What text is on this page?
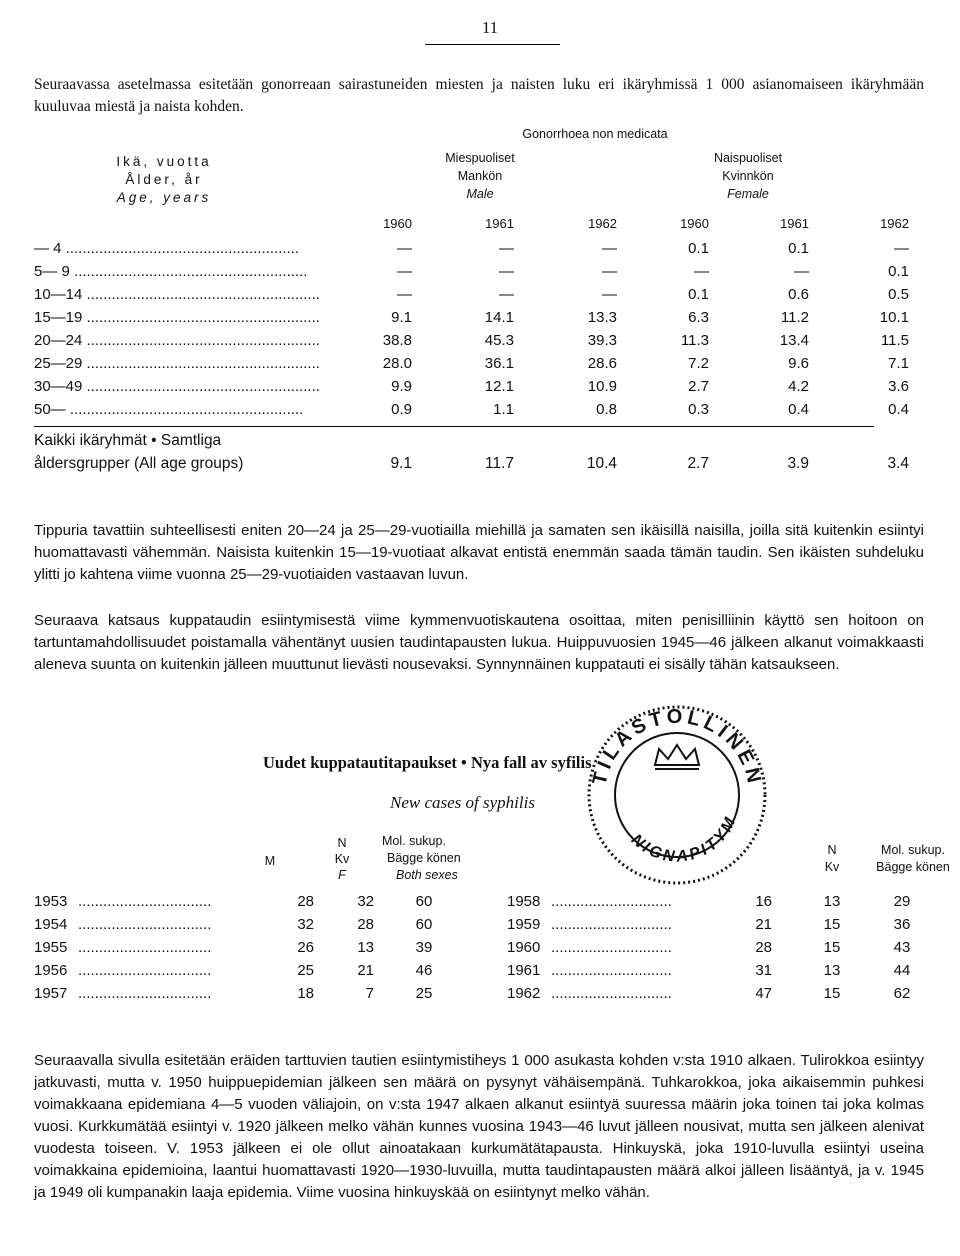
11
Seuraavassa asetelmassa esitetään gonorreaan sairastuneiden miesten ja naisten luku eri ikäryhmissä 1 000 asianomaiseen ikäryhmään kuuluvaa miestä ja naista kohden.
Gonorrhoea non medicata
Ikä, vuotta
Ålder, år
Age, years
Miespuoliset
Mankön
Male
Naispuoliset
Kvinnkön
Female
1960	1961	1962	1960	1961	1962
— 4 ........................................................	—	—	—	0.1	0.1	—
5— 9 ........................................................	—	—	—	—	—	0.1
10—14 ........................................................	—	—	—	0.1	0.6	0.5
15—19 ........................................................	9.1	14.1	13.3	6.3	11.2	10.1
20—24 ........................................................	38.8	45.3	39.3	11.3	13.4	11.5
25—29 ........................................................	28.0	36.1	28.6	7.2	9.6	7.1
30—49 ........................................................	9.9	12.1	10.9	2.7	4.2	3.6
50— ........................................................	0.9	1.1	0.8	0.3	0.4	0.4
Kaikki ikäryhmät • Samtliga
åldersgrupper (All age groups)	9.1	11.7	10.4	2.7	3.9	3.4
Tippuria tavattiin suhteellisesti eniten 20—24 ja 25—29-vuotiailla miehillä ja samaten sen ikäisillä naisilla, joilla sitä kuitenkin esiintyi huomattavasti vähemmän. Naisista kuitenkin 15—19-vuotiaat alkavat entistä enemmän saada tämän taudin. Sen ikäisten suhdeluku ylitti jo kahtena viime vuonna 25—29-vuotiaiden vastaavan luvun.
Seuraava katsaus kuppataudin esiintymisestä viime kymmenvuotiskautena osoittaa, miten penisilliinin käyttö sen hoitoon on tartuntamahdollisuudet poistamalla vähentänyt uusien taudintapausten lukua. Huippuvuosien 1945—46 jälkeen alkanut voimakkaasti aleneva suunta on kuitenkin jälleen muuttunut lievästi nousevaksi. Synnynnäinen kuppatauti ei sisälly tähän katsaukseen.
Uudet kuppatautitapaukset • Nya fall av syfilis
New cases of syphilis
M
N
Kv
F
Mol. sukup.
Bägge könen
Both sexes
N
Kv
Mol. sukup.
Bägge könen
1953 ................................	28	32	60
1954 ................................	32	28	60
1955 ................................	26	13	39
1956 ................................	25	21	46
1957 ................................	18	7	25
1958 .............................	16	13	29
1959 .............................	21	15	36
1960 .............................	28	15	43
1961 .............................	31	13	44
1962 .............................	47	15	62
TILASTOLLINEN
NIGNAPITYM
Seuraavalla sivulla esitetään eräiden tarttuvien tautien esiintymistiheys 1 000 asukasta kohden v:sta 1910 alkaen. Tulirokkoa esiintyy jatkuvasti, mutta v. 1950 huippuepidemian jälkeen sen määrä on pysynyt vähäisempänä. Tuhkarokkoa, joka aikaisemmin puhkesi voimakkaana epidemiana 4—5 vuoden väliajoin, on v:sta 1947 alkaen alkanut esiintyä suuressa määrin joka toinen tai joka kolmas vuosi. Kurkkumätää esiintyi v. 1920 jälkeen melko vähän kunnes vuosina 1943—46 luvut jälleen nousivat, mutta sen jälkeen alenivat vuodesta toiseen. V. 1953 jälkeen ei ole ollut ainoatakaan kurkumätätapausta. Hinkuyskä, joka 1910-luvulla esiintyi useina voimakkaina epidemioina, laantui huomattavasti 1920—1930-luvuilla, mutta taudintapausten määrä alkoi jälleen lisääntyä, ja v. 1945 ja 1949 oli kumpanakin laaja epidemia. Viime vuosina hinkuyskää on esiintynyt melko vähän.
